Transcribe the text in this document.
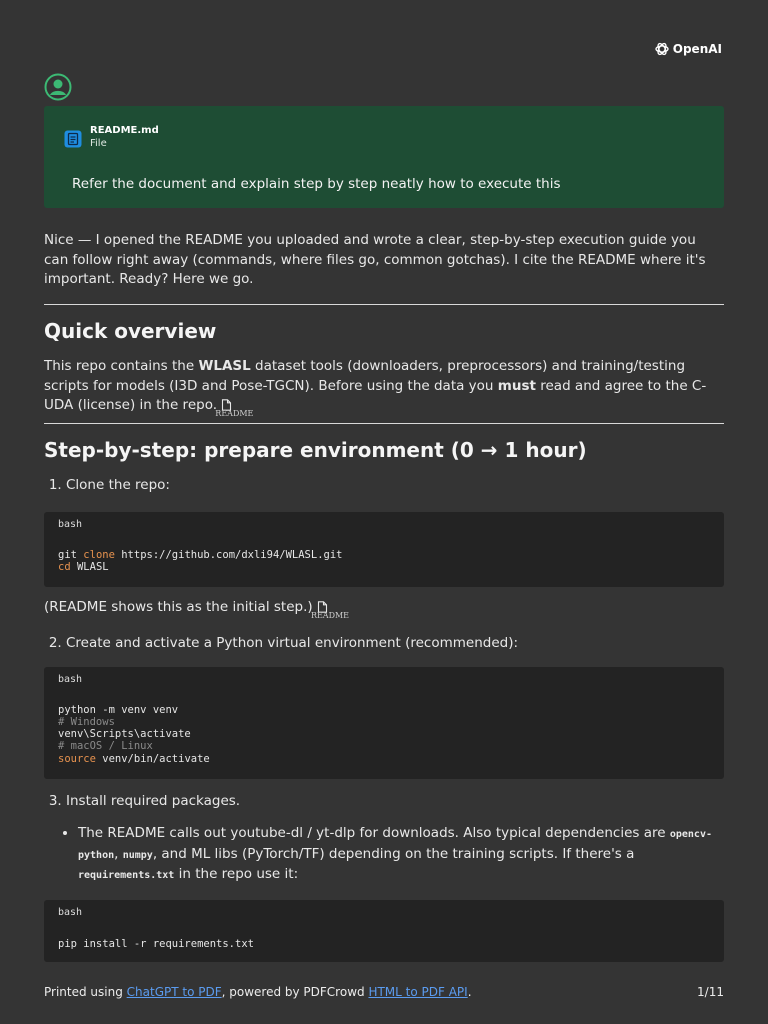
OpenAI
README.md
File
Refer the document and explain step by step neatly how to execute this

Nice — I opened the README you uploaded and wrote a clear, step-by-step execution guide you can follow right away (commands, where files go, common gotchas). I cite the README where it's important. Ready? Here we go.

Quick overview

This repo contains the WLASL dataset tools (downloaders, preprocessors) and training/testing scripts for models (I3D and Pose-TGCN). Before using the data you must read and agree to the C-UDA (license) in the repo.
README

Step-by-step: prepare environment (0 → 1 hour)
1. Clone the repo:
bash
git clone https://github.com/dxli94/WLASL.git
cd WLASL

(README shows this as the initial step.)
README

2. Create and activate a Python virtual environment (recommended):
bash
python -m venv venv
# Windows
venv\Scripts\activate
# macOS / Linux
source venv/bin/activate
3. Install required packages.
• The README calls out youtube-dl / yt-dlp for downloads. Also typical dependencies are opencv-python, numpy, and ML libs (PyTorch/TF) depending on the training scripts. If there's a requirements.txt in the repo use it:
bash
pip install -r requirements.txt
Printed using ChatGPT to PDF, powered by PDFCrowd HTML to PDF API.	1/11
